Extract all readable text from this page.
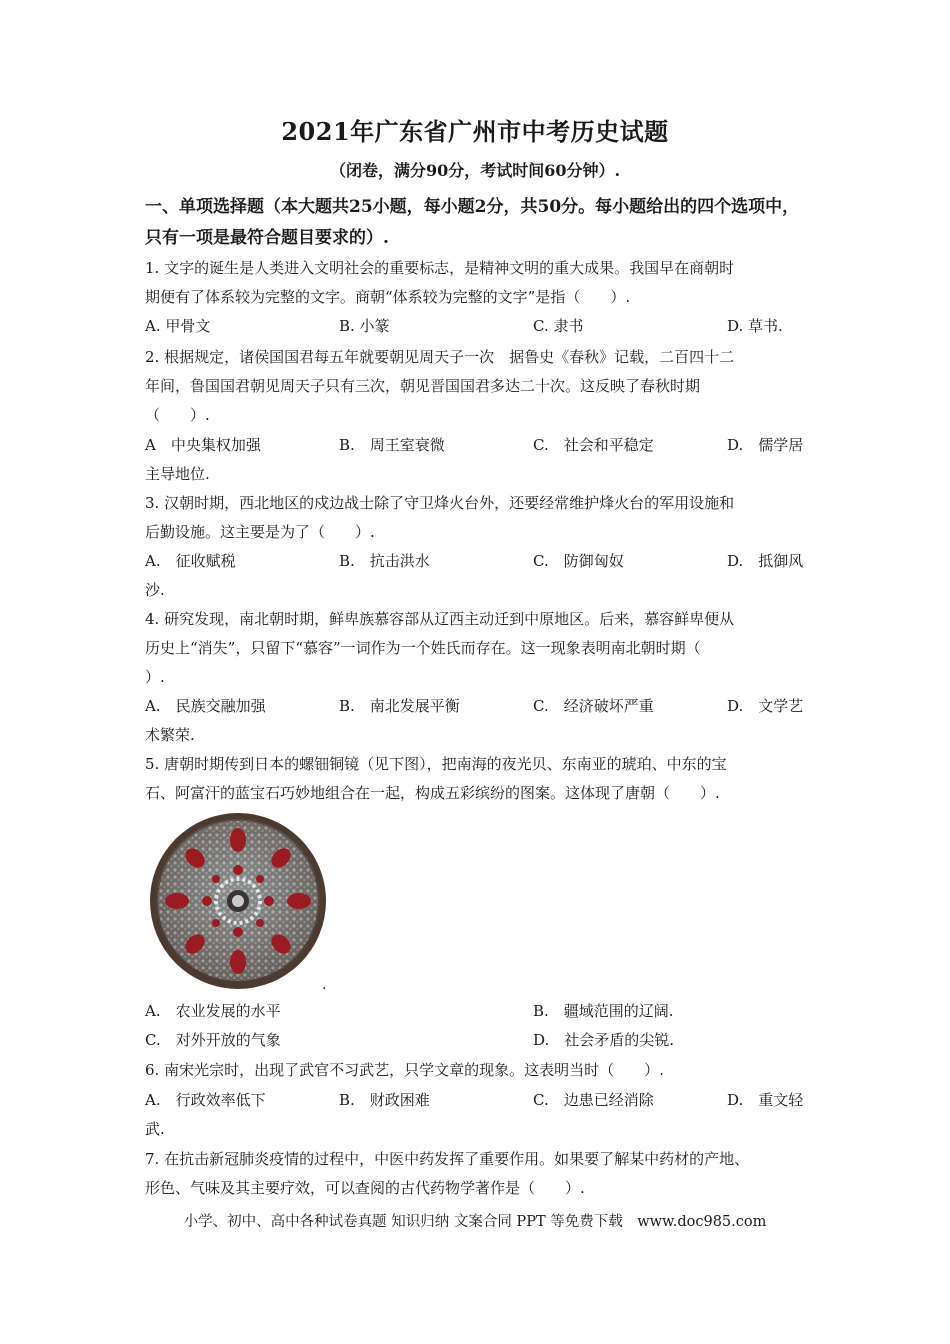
2021年广东省广州市中考历史试题
（闭卷，满分90分，考试时间60分钟）.
一、单项选择题（本大题共25小题，每小题2分，共50分。每小题给出的四个选项中，只有一项是最符合题目要求的）.
1. 文字的诞生是人类进入文明社会的重要标志，是精神文明的重大成果。我国早在商朝时
期便有了体系较为完整的文字。商朝“体系较为完整的文字”是指（　　）.
A. 甲骨文	B. 小篆	C. 隶书	D. 草书.
2. 根据规定，诸侯国国君每五年就要朝见周天子一次　据鲁史《春秋》记载，二百四十二
年间，鲁国国君朝见周天子只有三次，朝见晋国国君多达二十次。这反映了春秋时期
（　　）.
A　中央集权加强	B.　周王室衰微	C.　社会和平稳定	D.　儒学居
主导地位.
3. 汉朝时期，西北地区的戍边战士除了守卫烽火台外，还要经常维护烽火台的军用设施和
后勤设施。这主要是为了（　　）.
A.　征收赋税	B.　抗击洪水	C.　防御匈奴	D.　抵御风
沙.
4. 研究发现，南北朝时期，鲜卑族慕容部从辽西主动迁到中原地区。后来，慕容鲜卑便从
历史上“消失”，只留下“慕容”一词作为一个姓氏而存在。这一现象表明南北朝时期（
）.
A.　民族交融加强	B.　南北发展平衡	C.　经济破坏严重	D.　文学艺
术繁荣.
5. 唐朝时期传到日本的螺钿铜镜（见下图），把南海的夜光贝、东南亚的琥珀、中东的宝
石、阿富汗的蓝宝石巧妙地组合在一起，构成五彩缤纷的图案。这体现了唐朝（　　）.
.
A.　农业发展的水平	B.　疆域范围的辽阔.
C.　对外开放的气象	D.　社会矛盾的尖锐.
6. 南宋光宗时，出现了武官不习武艺，只学文章的现象。这表明当时（　　）.
A.　行政效率低下	B.　财政困难	C.　边患已经消除	D.　重文轻
武.
7. 在抗击新冠肺炎疫情的过程中，中医中药发挥了重要作用。如果要了解某中药材的产地、
形色、气味及其主要疗效，可以查阅的古代药物学著作是（　　）.
小学、初中、高中各种试卷真题 知识归纳 文案合同 PPT 等免费下载　www.doc985.com
